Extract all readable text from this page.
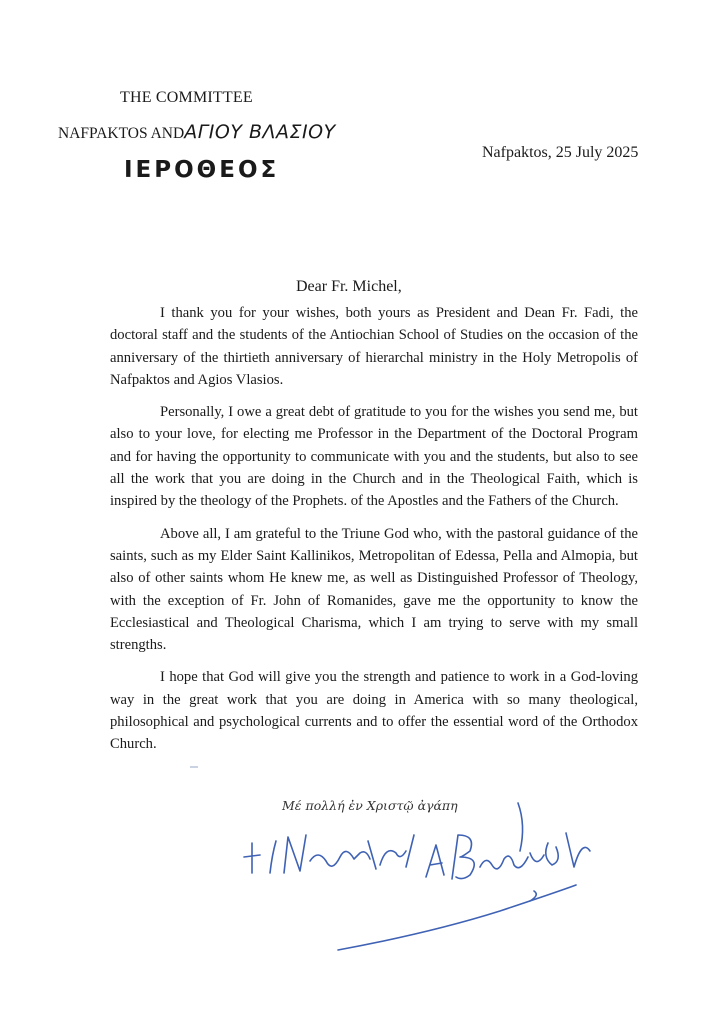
THE COMMITTEE
NAFPAKTOS ANDΑΓΙΟΥ ΒΛΑΣΙΟΥ
ΙΕΡΟΘΕΟΣ
Nafpaktos, 25 July 2025
Dear Fr. Michel,

I thank you for your wishes, both yours as President and Dean Fr. Fadi, the doctoral staff and the students of the Antiochian School of Studies on the occasion of the anniversary of the thirtieth anniversary of hierarchal ministry in the Holy Metropolis of Nafpaktos and Agios Vlasios.

Personally, I owe a great debt of gratitude to you for the wishes you send me, but also to your love, for electing me Professor in the Department of the Doctoral Program and for having the opportunity to communicate with you and the students, but also to see all the work that you are doing in the Church and in the Theological Faith, which is inspired by the theology of the Prophets. of the Apostles and the Fathers of the Church.

Above all, I am grateful to the Triune God who, with the pastoral guidance of the saints, such as my Elder Saint Kallinikos, Metropolitan of Edessa, Pella and Almopia, but also of other saints whom He knew me, as well as Distinguished Professor of Theology, with the exception of Fr. John of Romanides, gave me the opportunity to know the Ecclesiastical and Theological Charisma, which I am trying to serve with my small strengths.

I hope that God will give you the strength and patience to work in a God-loving way in the great work that you are doing in America with so many theological, philosophical and psychological currents and to offer the essential word of the Orthodox Church.

Μέ πολλή ἐν Χριστῷ ἀγάπη
